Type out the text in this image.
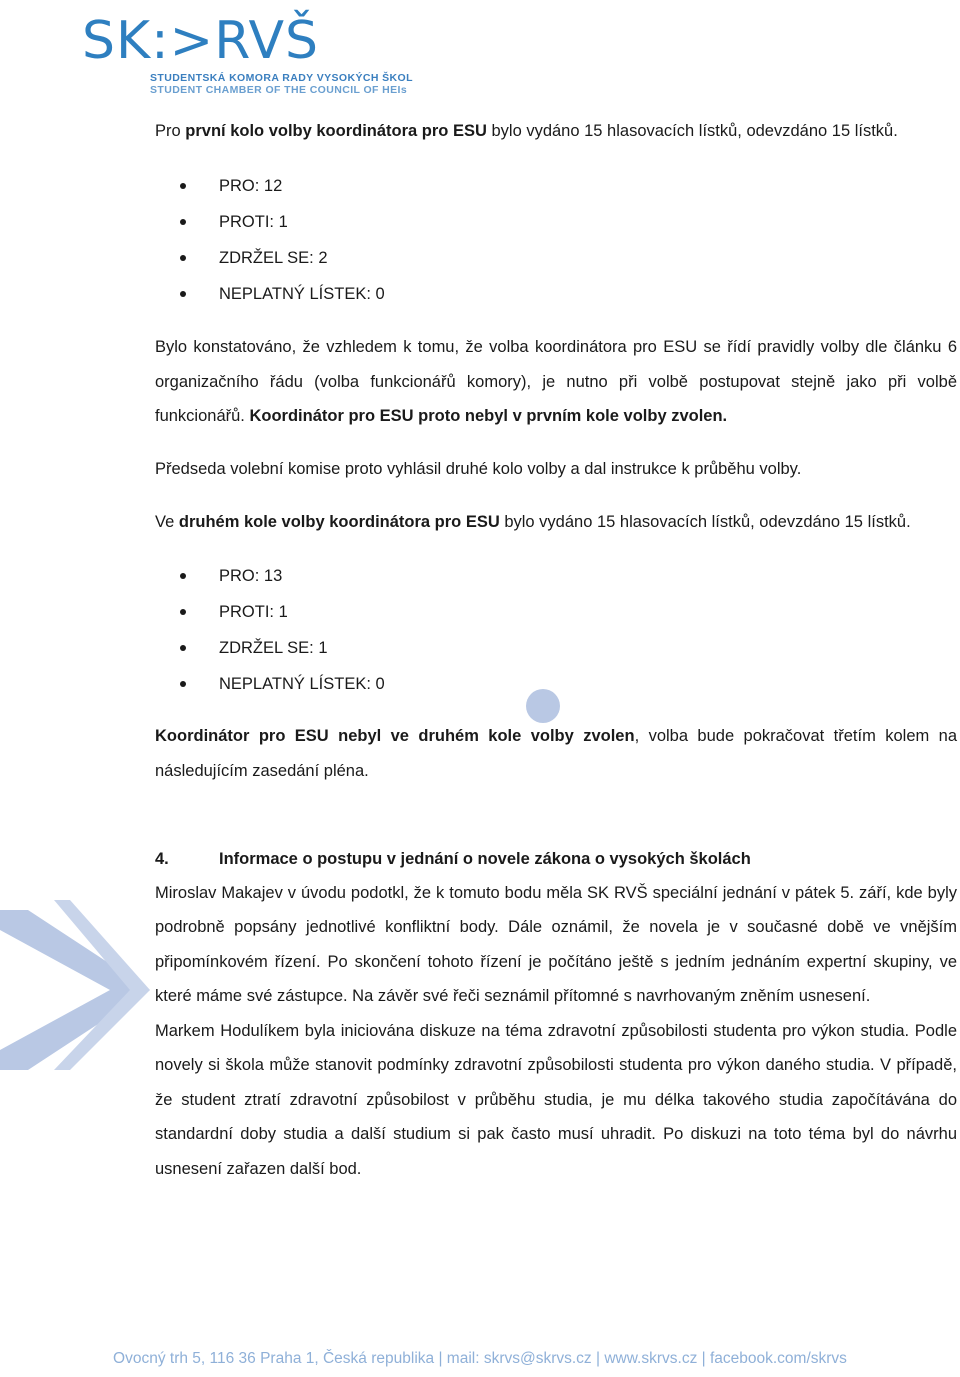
SK:>RVŠ
STUDENTSKÁ KOMORA RADY VYSOKÝCH ŠKOL
STUDENT CHAMBER OF THE COUNCIL OF HEIs
Pro první kolo volby koordinátora pro ESU bylo vydáno 15 hlasovacích lístků, odevzdáno 15 lístků.
PRO: 12
PROTI: 1
ZDRŽEL SE: 2
NEPLATNÝ LÍSTEK: 0
Bylo konstatováno, že vzhledem k tomu, že volba koordinátora pro ESU se řídí pravidly volby dle článku 6
organizačního řádu (volba funkcionářů komory), je nutno při volbě postupovat stejně jako při volbě
funkcionářů. Koordinátor pro ESU proto nebyl v prvním kole volby zvolen.
Předseda volební komise proto vyhlásil druhé kolo volby a dal instrukce k průběhu volby.
Ve druhém kole volby koordinátora pro ESU bylo vydáno 15 hlasovacích lístků, odevzdáno 15 lístků.
PRO: 13
PROTI: 1
ZDRŽEL SE: 1
NEPLATNÝ LÍSTEK: 0
Koordinátor pro ESU nebyl ve druhém kole volby zvolen, volba bude pokračovat třetím kolem na
následujícím zasedání pléna.
4.	Informace o postupu v jednání o novele zákona o vysokých školách
Miroslav Makajev v úvodu podotkl, že k tomuto bodu měla SK RVŠ speciální jednání v pátek 5. září, kde byly
podrobně popsány jednotlivé konfliktní body. Dále oznámil, že novela je v současné době ve vnějším
připomínkovém řízení. Po skončení tohoto řízení je počítáno ještě s jedním jednáním expertní skupiny, ve
které máme své zástupce. Na závěr své řeči seznámil přítomné s navrhovaným zněním usnesení.
Markem Hodulíkem byla iniciována diskuze na téma zdravotní způsobilosti studenta pro výkon studia. Podle
novely si škola může stanovit podmínky zdravotní způsobilosti studenta pro výkon daného studia. V případě,
že student ztratí zdravotní způsobilost v průběhu studia, je mu délka takového studia započítávána do
standardní doby studia a další studium si pak často musí uhradit. Po diskuzi na toto téma byl do návrhu
usnesení zařazen další bod.
Ovocný trh 5, 116 36 Praha 1, Česká republika | mail: skrvs@skrvs.cz | www.skrvs.cz | facebook.com/skrvs
